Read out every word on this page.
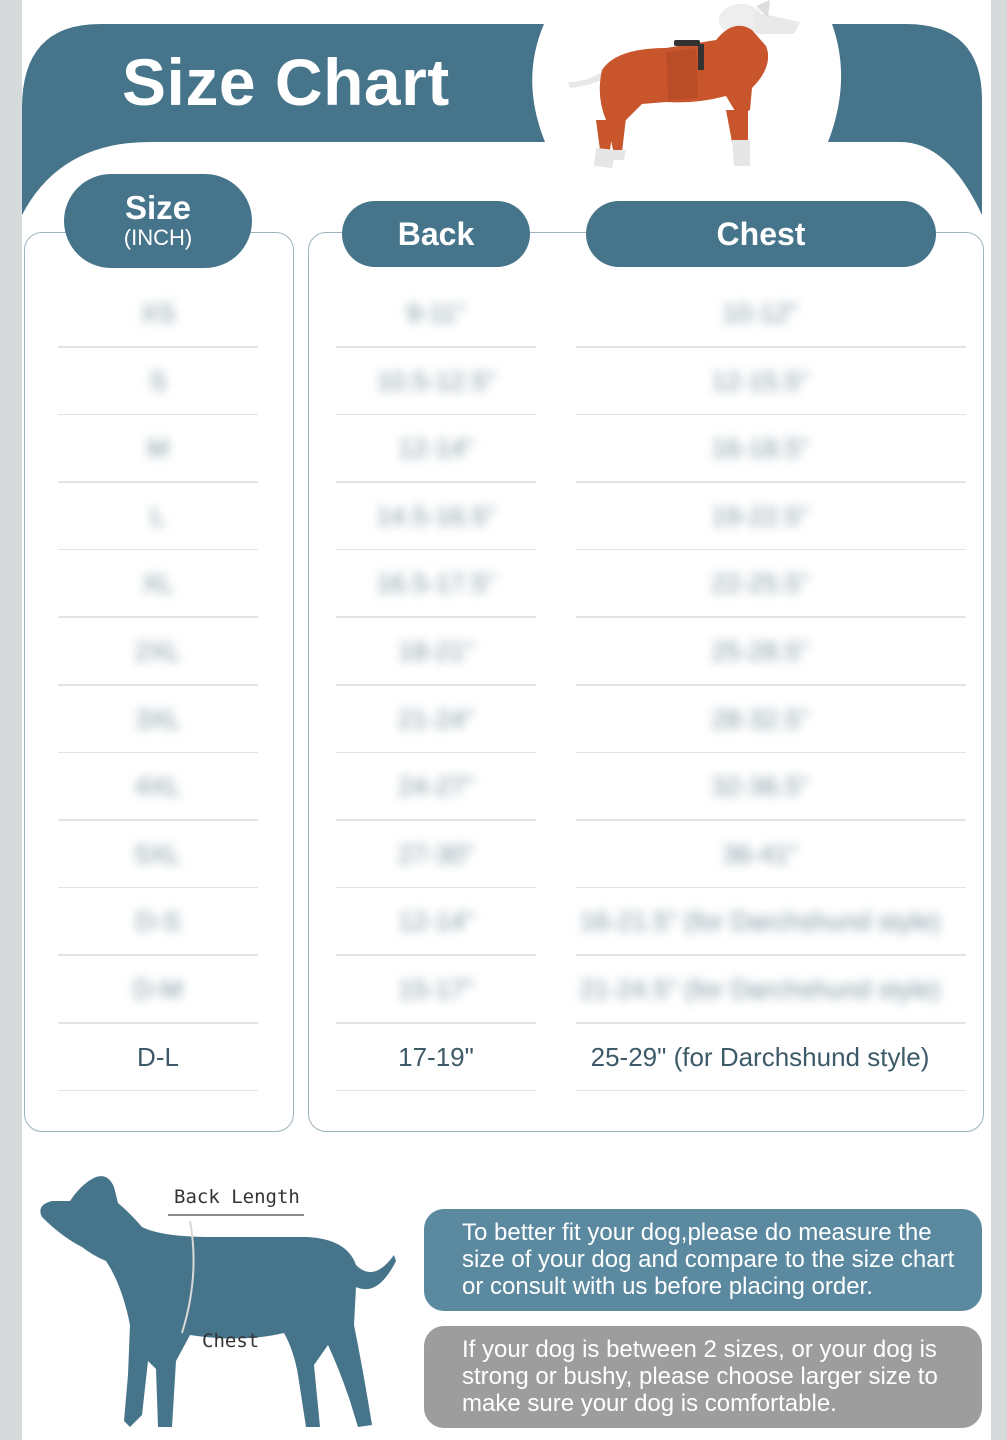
Size Chart
Size
(INCH)	Back	Chest
XS	9-11"	10-12"
S	10.5-12.5"	12-15.5"
M	12-14"	16-18.5"
L	14.5-16.5"	19-22.5"
XL	16.5-17.5"	22-25.5"
2XL	18-21"	25-28.5"
3XL	21-24"	28-32.5"
4XL	24-27"	32-36.5"
5XL	27-30"	36-41"
D-S	12-14"	16-21.5" (for Darchshund style)
D-M	15-17"	21-24.5" (for Darchshund style)
D-L	17-19"	25-29" (for Darchshund style)
Back Length
Chest
To better fit your dog,please do measure the size of your dog and compare to the size chart or consult with us before placing order.
If your dog is between 2 sizes, or your dog is strong or bushy, please choose larger size to make sure your dog is comfortable.
